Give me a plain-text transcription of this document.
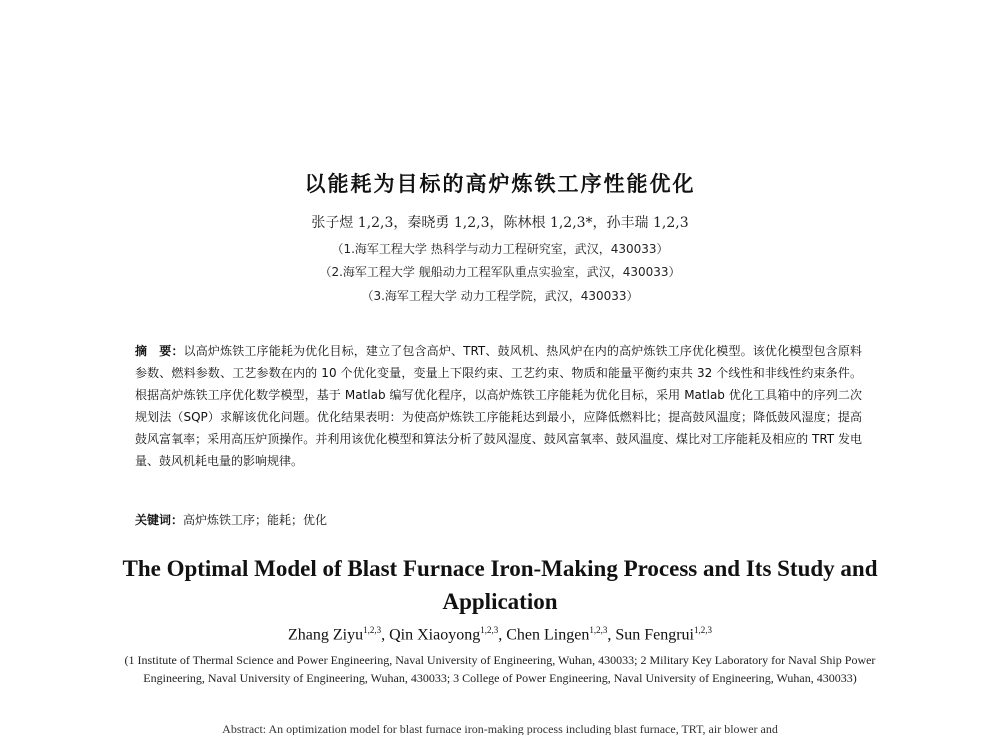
以能耗为目标的高炉炼铁工序性能优化
张子煜 1,2,3，秦晓勇 1,2,3，陈林根 1,2,3*，孙丰瑞 1,2,3
（1.海军工程大学 热科学与动力工程研究室，武汉，430033）
（2.海军工程大学 舰船动力工程军队重点实验室，武汉，430033）
（3.海军工程大学 动力工程学院，武汉，430033）
摘　要：以高炉炼铁工序能耗为优化目标，建立了包含高炉、TRT、鼓风机、热风炉在内的高炉炼铁工序优化模型。该优化模型包含原料参数、燃料参数、工艺参数在内的 10 个优化变量，变量上下限约束、工艺约束、物质和能量平衡约束共 32 个线性和非线性约束条件。根据高炉炼铁工序优化数学模型，基于 Matlab 编写优化程序，以高炉炼铁工序能耗为优化目标，采用 Matlab 优化工具箱中的序列二次规划法（SQP）求解该优化问题。优化结果表明：为使高炉炼铁工序能耗达到最小，应降低燃料比；提高鼓风温度；降低鼓风湿度；提高鼓风富氧率；采用高压炉顶操作。并利用该优化模型和算法分析了鼓风湿度、鼓风富氧率、鼓风温度、煤比对工序能耗及相应的 TRT 发电量、鼓风机耗电量的影响规律。
关键词：高炉炼铁工序；能耗；优化
The Optimal Model of Blast Furnace Iron-Making Process and Its Study and Application
Zhang Ziyu$^{1,2,3}$, Qin Xiaoyong$^{1,2,3}$, Chen Lingen$^{1,2,3}$, Sun Fengrui$^{1,2,3}$
(1 Institute of Thermal Science and Power Engineering, Naval University of Engineering, Wuhan, 430033; 2 Military Key Laboratory for Naval Ship Power Engineering, Naval University of Engineering, Wuhan, 430033; 3 College of Power Engineering, Naval University of Engineering, Wuhan, 430033)
Abstract: An optimization model for blast furnace iron-making process including blast furnace, TRT, air blower and
